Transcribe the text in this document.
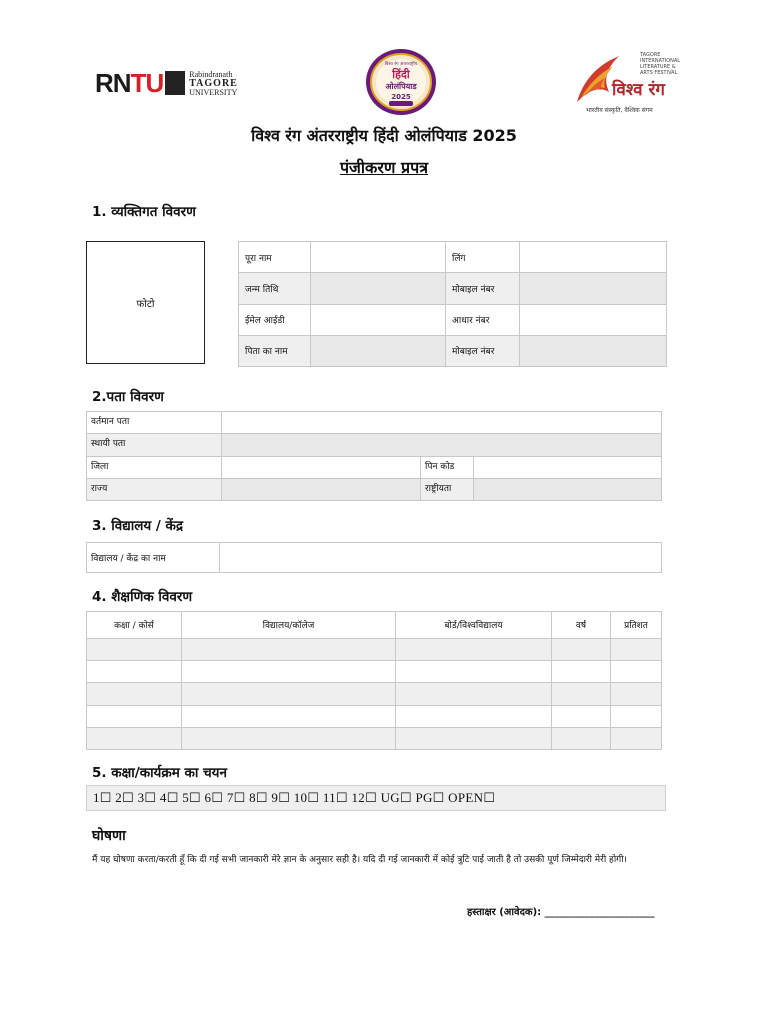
RNTU	Rabindranath
TAGORE
UNIVERSITY
विश्व रंग अंतरराष्ट्रीय
हिंदी
ओलंपियाड
2025
TAGORE INTERNATIONAL LITERATURE & ARTS FESTIVAL
विश्व रंग
भारतीय संस्कृति, वैश्विक संगम
विश्व रंग अंतरराष्ट्रीय हिंदी ओलंपियाड 2025
पंजीकरण प्रपत्र
1. व्यक्तिगत विवरण
फोटो
पूरा नाम		लिंग	
जन्म तिथि		मोबाइल नंबर	
ईमेल आईडी		आधार नंबर	
पिता का नाम		मोबाइल नंबर	
2.पता विवरण
वर्तमान पता			
स्थायी पता			
जिला		पिन कोड	
राज्य		राष्ट्रीयता	
3. विद्यालय / केंद्र
विद्यालय / केंद्र का नाम	
4. शैक्षणिक विवरण
कक्षा / कोर्स	विद्यालय/कॉलेज	बोर्ड/विश्वविद्यालय	वर्ष	प्रतिशत

5. कक्षा/कार्यक्रम का चयन
1☐ 2☐ 3☐ 4☐ 5☐ 6☐ 7☐ 8☐ 9☐ 10☐ 11☐ 12☐ UG☐ PG☐ OPEN☐
घोषणा
मैं यह घोषणा करता/करती हूँ कि दी गई सभी जानकारी मेरे ज्ञान के अनुसार सही है। यदि दी गई जानकारी में कोई त्रुटि पाई जाती है तो उसकी पूर्ण जिम्मेदारी मेरी होगी।
हस्ताक्षर (आवेदक): ______________________
